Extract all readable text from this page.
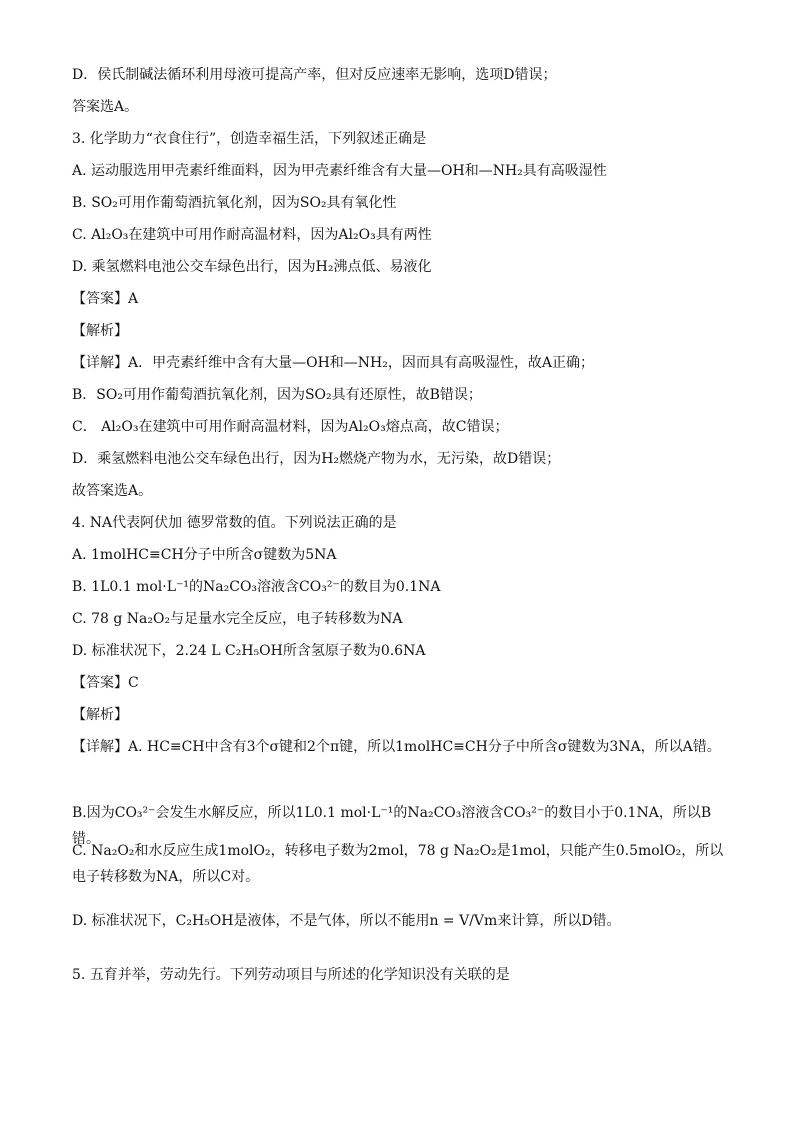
D．侯氏制碱法循环利用母液可提高产率，但对反应速率无影响，选项D错误；
答案选A。
3. 化学助力“衣食住行”，创造幸福生活，下列叙述正确是
A. 运动服选用甲壳素纤维面料，因为甲壳素纤维含有大量—OH和—NH₂具有高吸湿性
B. SO₂可用作葡萄酒抗氧化剂，因为SO₂具有氧化性
C. Al₂O₃在建筑中可用作耐高温材料，因为Al₂O₃具有两性
D. 乘氢燃料电池公交车绿色出行，因为H₂沸点低、易液化
【答案】A
【解析】
【详解】A．甲壳素纤维中含有大量—OH和—NH₂，因而具有高吸湿性，故A正确；
B．SO₂可用作葡萄酒抗氧化剂，因为SO₂具有还原性，故B错误；
C． Al₂O₃在建筑中可用作耐高温材料，因为Al₂O₃熔点高，故C错误；
D．乘氢燃料电池公交车绿色出行，因为H₂燃烧产物为水，无污染，故D错误；
故答案选A。
4. NA代表阿伏加 德罗常数的值。下列说法正确的是
A. 1molHC≡CH分子中所含σ键数为5NA
B. 1L0.1 mol·L⁻¹的Na₂CO₃溶液含CO₃²⁻的数目为0.1NA
C. 78 g Na₂O₂与足量水完全反应，电子转移数为NA
D. 标准状况下，2.24 L C₂H₅OH所含氢原子数为0.6NA
【答案】C
【解析】
【详解】A. HC≡CH中含有3个σ键和2个π键，所以1molHC≡CH分子中所含σ键数为3NA，所以A错。
B.因为CO₃²⁻会发生水解反应，所以1L0.1 mol·L⁻¹的Na₂CO₃溶液含CO₃²⁻的数目小于0.1NA，所以B错。
C. Na₂O₂和水反应生成1molO₂，转移电子数为2mol，78 g Na₂O₂是1mol，只能产生0.5molO₂，所以电子转移数为NA，所以C对。
D. 标准状况下，C₂H₅OH是液体，不是气体，所以不能用n = V/Vm来计算，所以D错。
5. 五育并举，劳动先行。下列劳动项目与所述的化学知识没有关联的是
